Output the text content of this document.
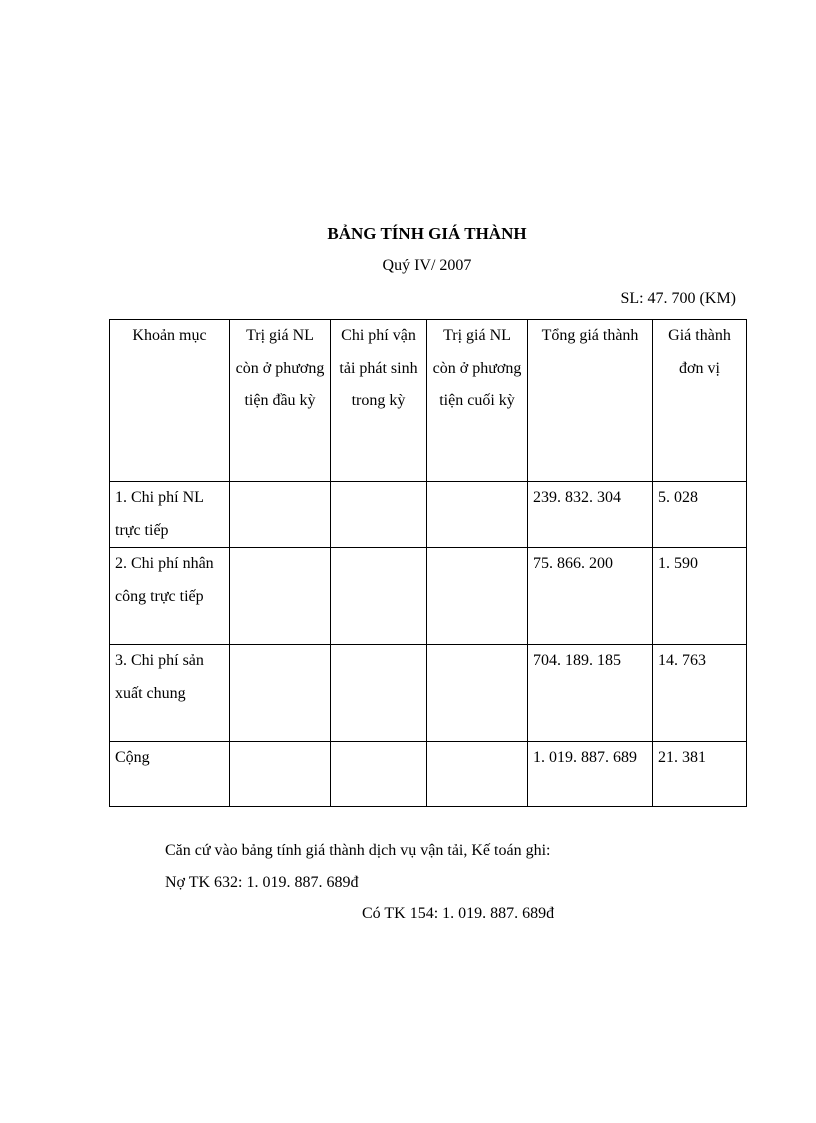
BẢNG TÍNH GIÁ THÀNH
Quý IV/ 2007
SL: 47. 700 (KM)
Khoản mục	Trị giá NL còn ở phương tiện đầu kỳ	Chi phí vận tải phát sinh trong kỳ	Trị giá NL còn ở phương tiện cuối kỳ	Tổng giá thành	Giá thành đơn vị
1. Chi phí NL trực tiếp				239. 832. 304	5. 028
2. Chi phí nhân công trực tiếp				75. 866. 200	1. 590
3. Chi phí sản xuất chung				704. 189. 185	14. 763
Cộng				1. 019. 887. 689	21. 381
Căn cứ vào bảng tính giá thành dịch vụ vận tải, Kế toán ghi:
Nợ TK 632: 1. 019. 887. 689đ
Có TK 154: 1. 019. 887. 689đ
